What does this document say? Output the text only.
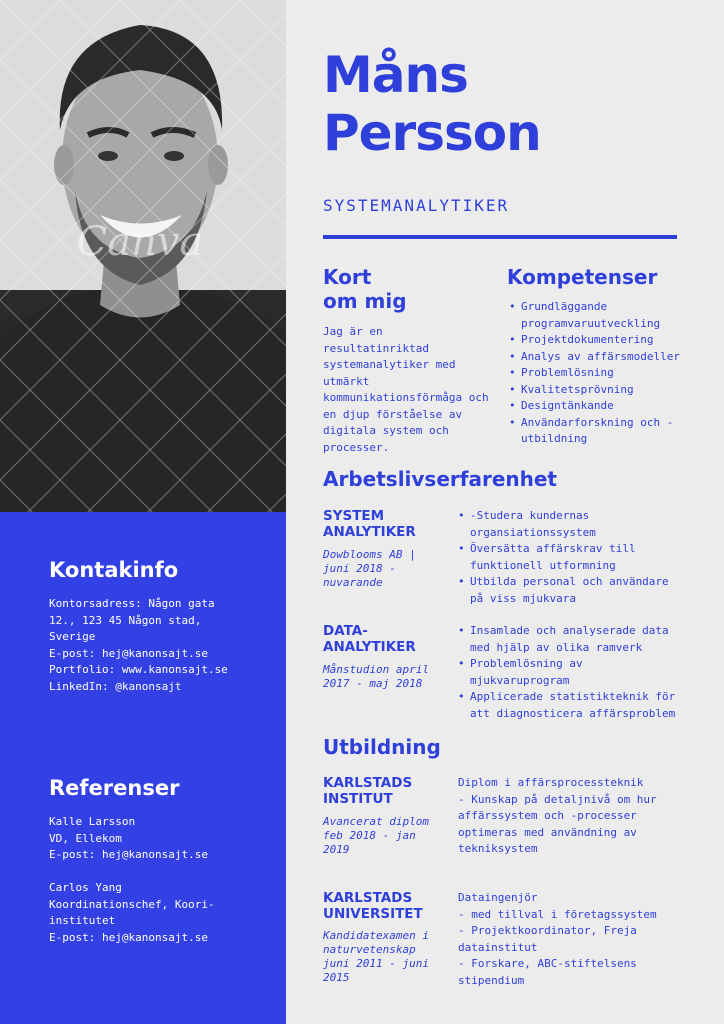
Canva
Kontakinfo
Kontorsadress: Någon gata
12., 123 45 Någon stad,
Sverige
E-post: hej@kanonsajt.se
Portfolio: www.kanonsajt.se
LinkedIn: @kanonsajt
Referenser
Kalle Larsson
VD, Ellekom
E-post: hej@kanonsajt.se

Carlos Yang
Koordinationschef, Koori-
institutet
E-post: hej@kanonsajt.se
Måns
Persson
SYSTEMANALYTIKER
Kort
om mig
Jag är en resultatinriktad systemanalytiker med utmärkt kommunikationsförmåga och en djup förståelse av digitala system och processer.
Kompetenser
• Grundläggande programvaruutveckling
• Projektdokumentering
• Analys av affärsmodeller
• Problemlösning
• Kvalitetsprövning
• Designtänkande
• Användarforskning och - utbildning
Arbetslivserfarenhet
SYSTEM
ANALYTIKER
Dowblooms AB | juni 2018 - nuvarande
• -Studera kundernas organsiationssystem
• Översätta affärskrav till funktionell utformning
• Utbilda personal och användare på viss mjukvara
DATA-
ANALYTIKER
Månstudion april 2017 - maj 2018
• Insamlade och analyserade data med hjälp av olika ramverk
• Problemlösning av mjukvaruprogram
• Applicerade statistikteknik för att diagnosticera affärsproblem
Utbildning
KARLSTADS
INSTITUT
Avancerat diplom feb 2018 - jan 2019
Diplom i affärsprocessteknik
- Kunskap på detaljnivå om hur affärssystem och -processer optimeras med användning av tekniksystem
KARLSTADS
UNIVERSITET
Kandidatexamen i naturvetenskap juni 2011 - juni 2015
Dataingenjör
- med tillval i företagssystem
- Projektkoordinator, Freja datainstitut
- Forskare, ABC-stiftelsens stipendium
